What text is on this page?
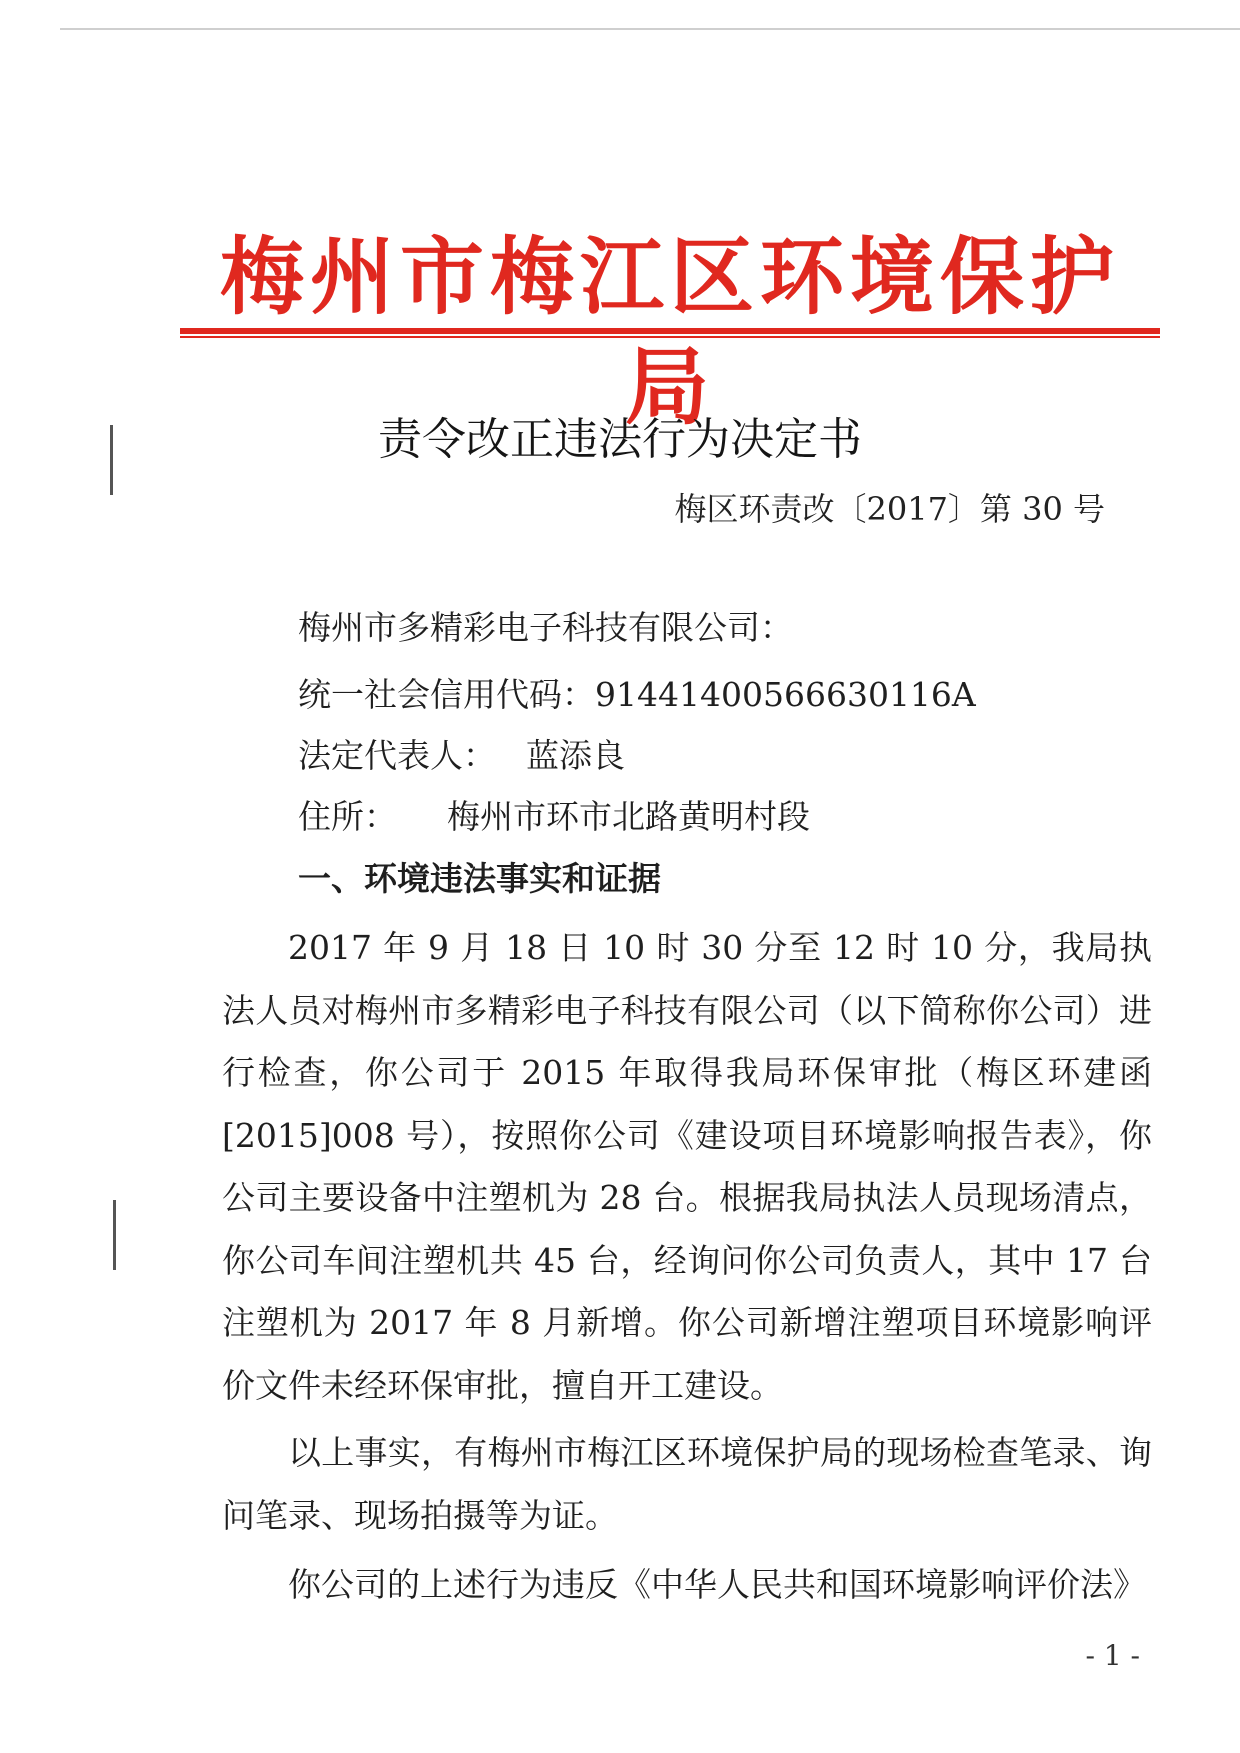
梅州市梅江区环境保护局
责令改正违法行为决定书
梅区环责改〔2017〕第 30 号
梅州市多精彩电子科技有限公司：
统一社会信用代码：91441400566630116A
法定代表人： 蓝添良
住所： 梅州市环市北路黄明村段
一、环境违法事实和证据

2017 年 9 月 18 日 10 时 30 分至 12 时 10 分，我局执法人员对梅州市多精彩电子科技有限公司（以下简称你公司）进行检查，你公司于 2015 年取得我局环保审批（梅区环建函[2015]008 号），按照你公司《建设项目环境影响报告表》，你公司主要设备中注塑机为 28 台。根据我局执法人员现场清点，你公司车间注塑机共 45 台，经询问你公司负责人，其中 17 台注塑机为 2017 年 8 月新增。你公司新增注塑项目环境影响评价文件未经环保审批，擅自开工建设。

以上事实，有梅州市梅江区环境保护局的现场检查笔录、询问笔录、现场拍摄等为证。

你公司的上述行为违反《中华人民共和国环境影响评价法》

- 1 -
